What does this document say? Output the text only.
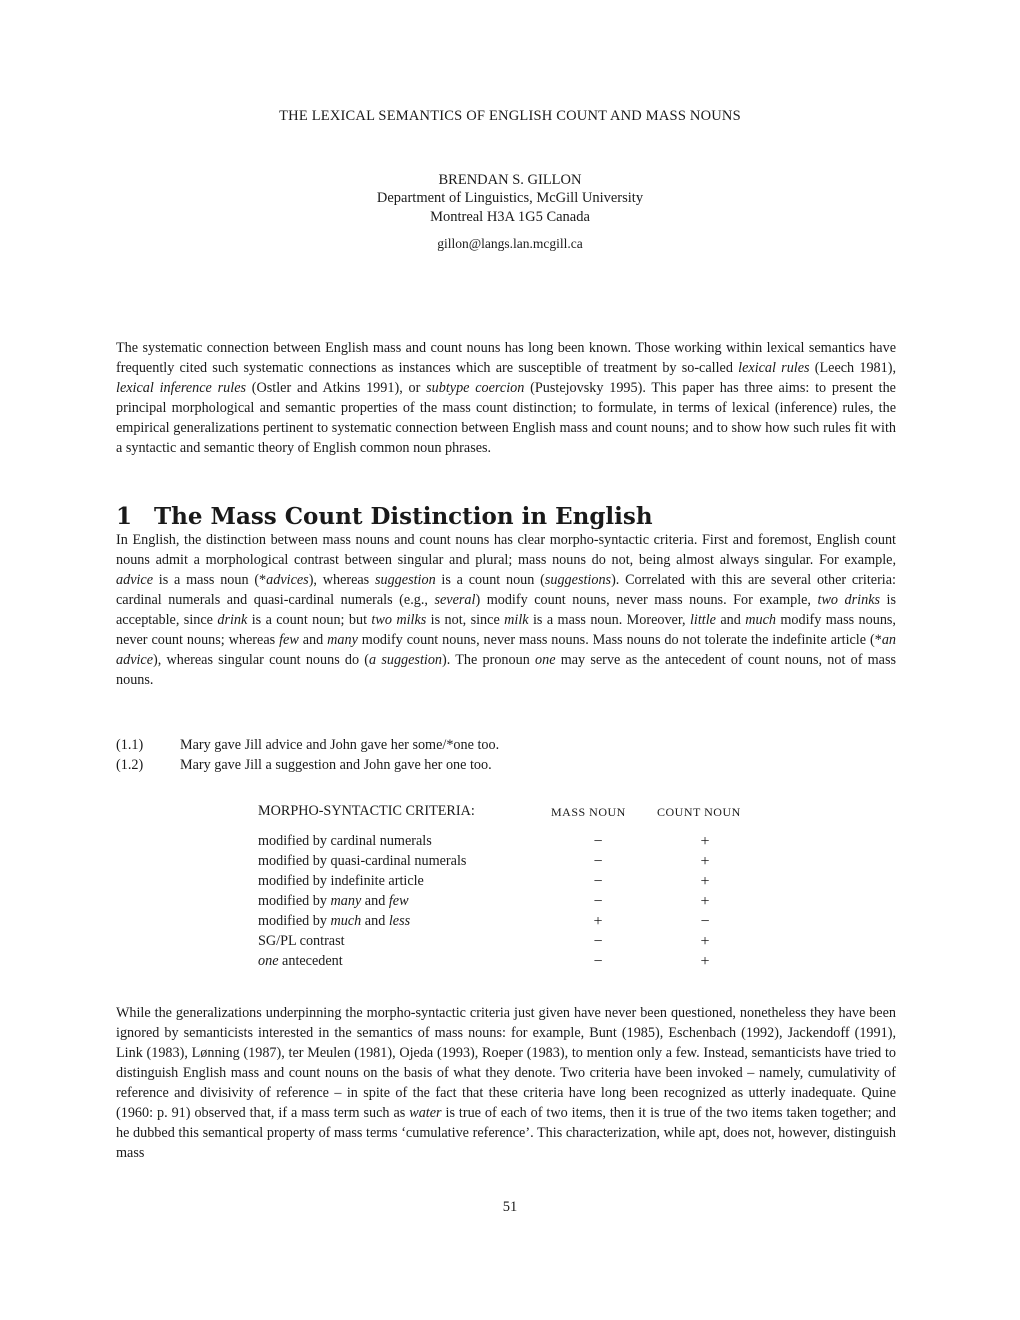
THE LEXICAL SEMANTICS OF ENGLISH COUNT AND MASS NOUNS
BRENDAN S. GILLON
Department of Linguistics, McGill University
Montreal H3A 1G5 Canada
gillon@langs.lan.mcgill.ca

The systematic connection between English mass and count nouns has long been known. Those working within lexical semantics have frequently cited such systematic connections as instances which are susceptible of treatment by so-called lexical rules (Leech 1981), lexical inference rules (Ostler and Atkins 1991), or subtype coercion (Pustejovsky 1995). This paper has three aims: to present the principal morphological and semantic properties of the mass count distinction; to formulate, in terms of lexical (inference) rules, the empirical generalizations pertinent to systematic connection between English mass and count nouns; and to show how such rules fit with a syntactic and semantic theory of English common noun phrases.

1 The Mass Count Distinction in English

In English, the distinction between mass nouns and count nouns has clear morpho-syntactic criteria. First and foremost, English count nouns admit a morphological contrast between singular and plural; mass nouns do not, being almost always singular. For example, advice is a mass noun (*advices), whereas suggestion is a count noun (suggestions). Correlated with this are several other criteria: cardinal numerals and quasi-cardinal numerals (e.g., several) modify count nouns, never mass nouns. For example, two drinks is acceptable, since drink is a count noun; but two milks is not, since milk is a mass noun. Moreover, little and much modify mass nouns, never count nouns; whereas few and many modify count nouns, never mass nouns. Mass nouns do not tolerate the indefinite article (*an advice), whereas singular count nouns do (a suggestion). The pronoun one may serve as the antecedent of count nouns, not of mass nouns.

(1.1)	Mary gave Jill advice and John gave her some/*one too.
(1.2)	Mary gave Jill a suggestion and John gave her one too.
MORPHO-SYNTACTIC CRITERIA:	MASS NOUN	COUNT NOUN
modified by cardinal numerals	−	+
modified by quasi-cardinal numerals	−	+
modified by indefinite article	−	+
modified by many and few	−	+
modified by much and less	+	−
SG/PL contrast	−	+
one antecedent	−	+

While the generalizations underpinning the morpho-syntactic criteria just given have never been questioned, nonetheless they have been ignored by semanticists interested in the semantics of mass nouns: for example, Bunt (1985), Eschenbach (1992), Jackendoff (1991), Link (1983), Lønning (1987), ter Meulen (1981), Ojeda (1993), Roeper (1983), to mention only a few. Instead, semanticists have tried to distinguish English mass and count nouns on the basis of what they denote. Two criteria have been invoked – namely, cumulativity of reference and divisivity of reference – in spite of the fact that these criteria have long been recognized as utterly inadequate. Quine (1960: p. 91) observed that, if a mass term such as water is true of each of two items, then it is true of the two items taken together; and he dubbed this semantical property of mass terms ‘cumulative reference’. This characterization, while apt, does not, however, distinguish mass

51
